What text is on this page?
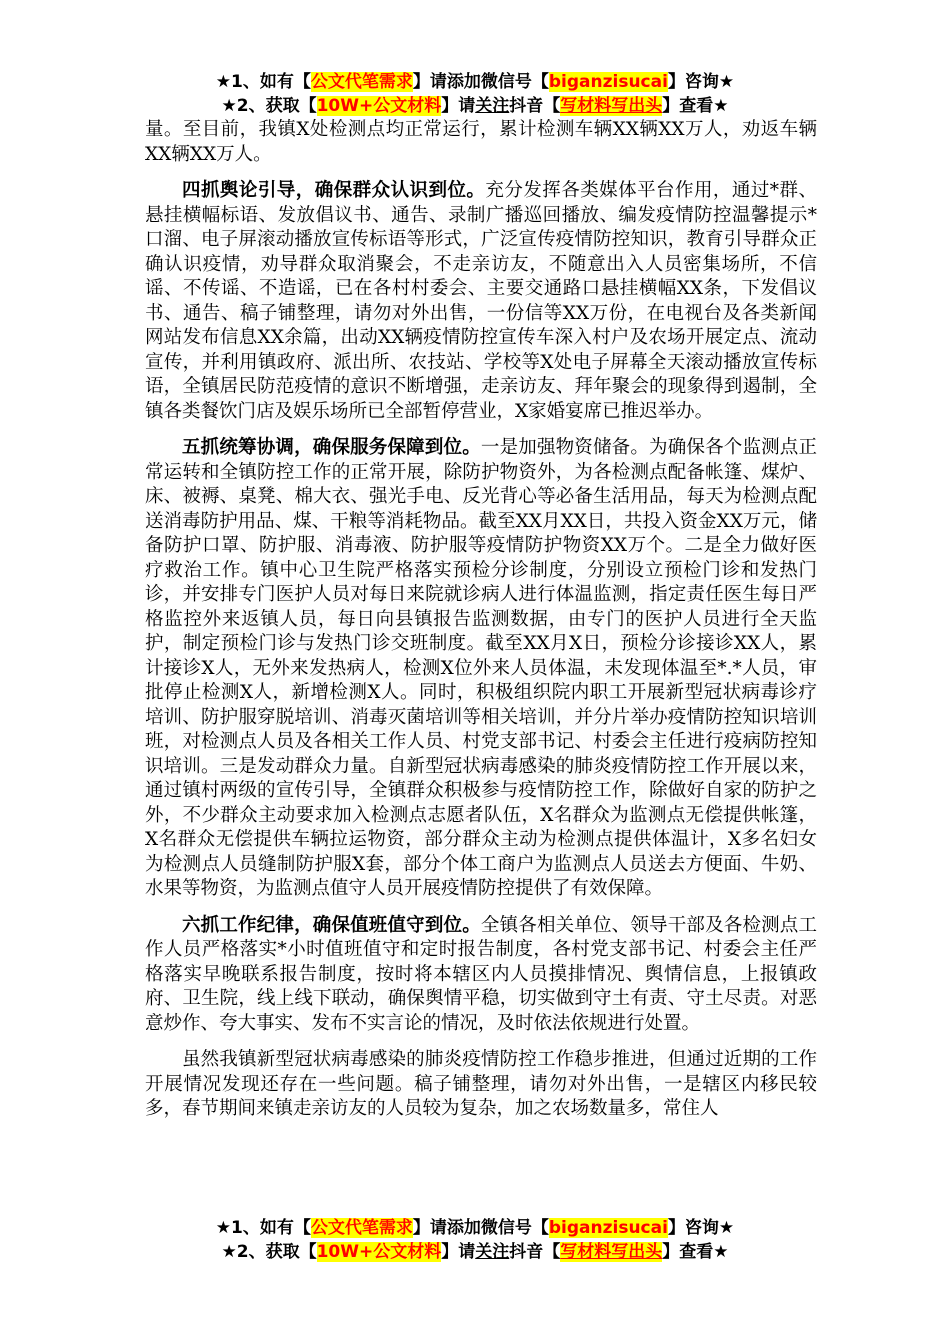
★1、如有【公文代笔需求】请添加微信号【biganzisucai】咨询★
★2、获取【10W+公文材料】请关注抖音【写材料写出头】查看★

量。至目前，我镇X处检测点均正常运行，累计检测车辆XX辆XX万人，劝返车辆XX辆XX万人。

四抓舆论引导，确保群众认识到位。充分发挥各类媒体平台作用，通过*群、悬挂横幅标语、发放倡议书、通告、录制广播巡回播放、编发疫情防控温馨提示*口溜、电子屏滚动播放宣传标语等形式，广泛宣传疫情防控知识，教育引导群众正确认识疫情，劝导群众取消聚会，不走亲访友，不随意出入人员密集场所，不信谣、不传谣、不造谣，已在各村村委会、主要交通路口悬挂横幅XX条，下发倡议书、通告、稿子铺整理，请勿对外出售，一份信等XX万份，在电视台及各类新闻网站发布信息XX余篇，出动XX辆疫情防控宣传车深入村户及农场开展定点、流动宣传，并利用镇政府、派出所、农技站、学校等X处电子屏幕全天滚动播放宣传标语，全镇居民防范疫情的意识不断增强，走亲访友、拜年聚会的现象得到遏制，全镇各类餐饮门店及娱乐场所已全部暂停营业，X家婚宴席已推迟举办。

五抓统筹协调，确保服务保障到位。一是加强物资储备。为确保各个监测点正常运转和全镇防控工作的正常开展，除防护物资外，为各检测点配备帐篷、煤炉、床、被褥、桌凳、棉大衣、强光手电、反光背心等必备生活用品，每天为检测点配送消毒防护用品、煤、干粮等消耗物品。截至XX月XX日，共投入资金XX万元，储备防护口罩、防护服、消毒液、防护服等疫情防护物资XX万个。二是全力做好医疗救治工作。镇中心卫生院严格落实预检分诊制度，分别设立预检门诊和发热门诊，并安排专门医护人员对每日来院就诊病人进行体温监测，指定责任医生每日严格监控外来返镇人员，每日向县镇报告监测数据，由专门的医护人员进行全天监护，制定预检门诊与发热门诊交班制度。截至XX月X日，预检分诊接诊XX人，累计接诊X人，无外来发热病人，检测X位外来人员体温，未发现体温至*.*人员，审批停止检测X人，新增检测X人。同时，积极组织院内职工开展新型冠状病毒诊疗培训、防护服穿脱培训、消毒灭菌培训等相关培训，并分片举办疫情防控知识培训班，对检测点人员及各相关工作人员、村党支部书记、村委会主任进行疫病防控知识培训。三是发动群众力量。自新型冠状病毒感染的肺炎疫情防控工作开展以来，通过镇村两级的宣传引导，全镇群众积极参与疫情防控工作，除做好自家的防护之外，不少群众主动要求加入检测点志愿者队伍，X名群众为监测点无偿提供帐篷，X名群众无偿提供车辆拉运物资，部分群众主动为检测点提供体温计，X多名妇女为检测点人员缝制防护服X套，部分个体工商户为监测点人员送去方便面、牛奶、水果等物资，为监测点值守人员开展疫情防控提供了有效保障。

六抓工作纪律，确保值班值守到位。全镇各相关单位、领导干部及各检测点工作人员严格落实*小时值班值守和定时报告制度，各村党支部书记、村委会主任严格落实早晚联系报告制度，按时将本辖区内人员摸排情况、舆情信息，上报镇政府、卫生院，线上线下联动，确保舆情平稳，切实做到守土有责、守土尽责。对恶意炒作、夸大事实、发布不实言论的情况，及时依法依规进行处置。

虽然我镇新型冠状病毒感染的肺炎疫情防控工作稳步推进，但通过近期的工作开展情况发现还存在一些问题。稿子铺整理，请勿对外出售，一是辖区内移民较多，春节期间来镇走亲访友的人员较为复杂，加之农场数量多，常住人

★1、如有【公文代笔需求】请添加微信号【biganzisucai】咨询★
★2、获取【10W+公文材料】请关注抖音【写材料写出头】查看★
